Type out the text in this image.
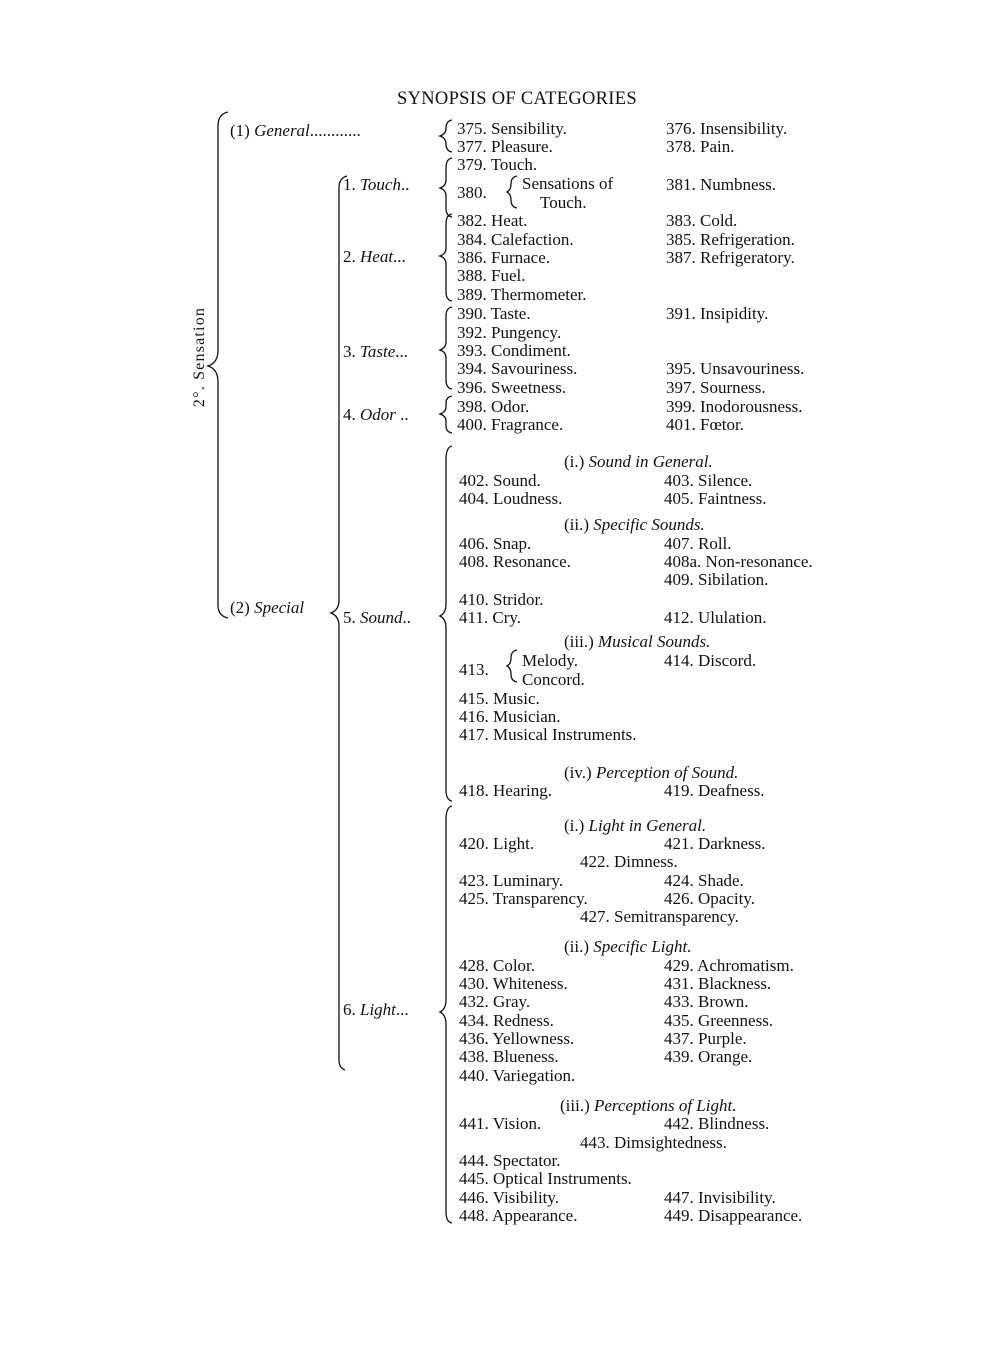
SYNOPSIS OF CATEGORIES
2°. Sensation
(1) General............
(2) Special
1. Touch..
2. Heat...
3. Taste...
4. Odor ..
5. Sound..
6. Light...
375. Sensibility.	376. Insensibility.
377. Pleasure.	378. Pain.
379. Touch.
380. Sensations of
Touch.
381. Numbness.
382. Heat.	383. Cold.
384. Calefaction.	385. Refrigeration.
386. Furnace.	387. Refrigeratory.
388. Fuel.
389. Thermometer.
390. Taste.	391. Insipidity.
392. Pungency.
393. Condiment.
394. Savouriness.	395. Unsavouriness.
396. Sweetness.	397. Sourness.
398. Odor.	399. Inodorousness.
400. Fragrance.	401. Fœtor.
(i.) Sound in General.
402. Sound.	403. Silence.
404. Loudness.	405. Faintness.
(ii.) Specific Sounds.
406. Snap.	407. Roll.
408. Resonance.	408a. Non-resonance.
409. Sibilation.
410. Stridor.
411. Cry.	412. Ululation.
(iii.) Musical Sounds.
413. Melody.
Concord.
414. Discord.
415. Music.
416. Musician.
417. Musical Instruments.
(iv.) Perception of Sound.
418. Hearing.	419. Deafness.
(i.) Light in General.
420. Light.	421. Darkness.
422. Dimness.
423. Luminary.	424. Shade.
425. Transparency.	426. Opacity.
427. Semitransparency.
(ii.) Specific Light.
428. Color.	429. Achromatism.
430. Whiteness.	431. Blackness.
432. Gray.	433. Brown.
434. Redness.	435. Greenness.
436. Yellowness.	437. Purple.
438. Blueness.	439. Orange.
440. Variegation.
(iii.) Perceptions of Light.
441. Vision.	442. Blindness.
443. Dimsightedness.
444. Spectator.
445. Optical Instruments.
446. Visibility.	447. Invisibility.
448. Appearance.	449. Disappearance.
